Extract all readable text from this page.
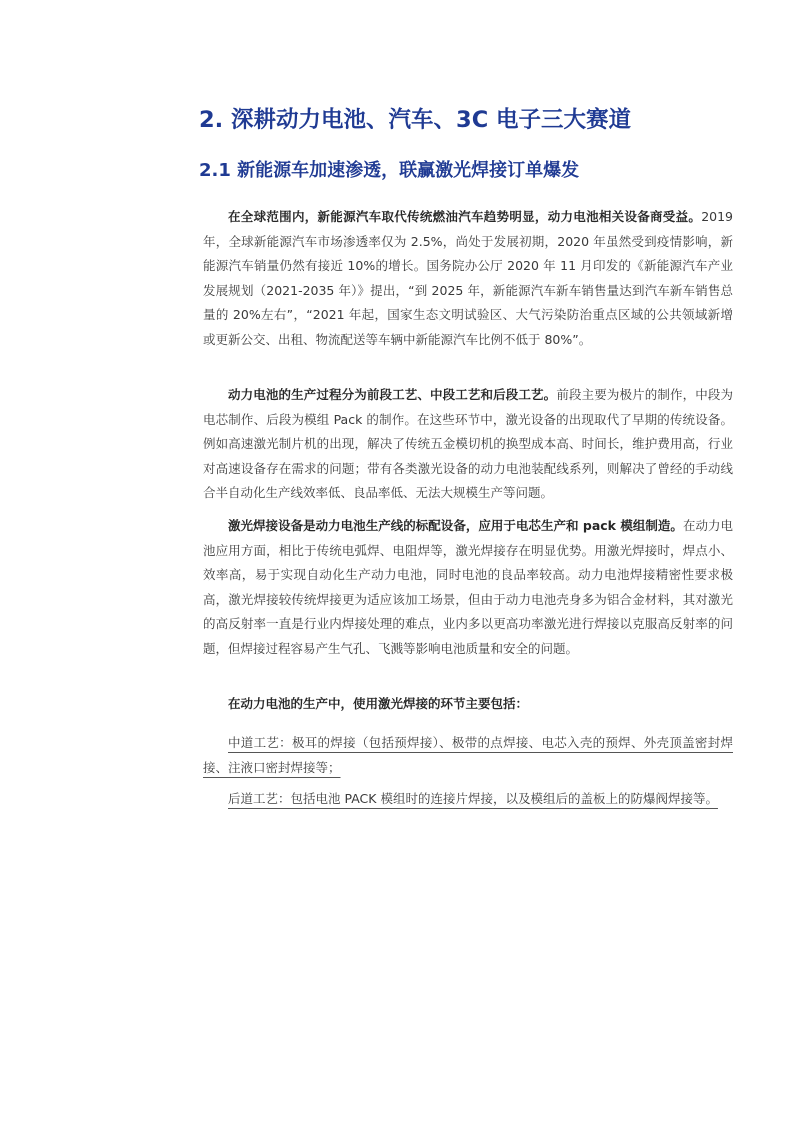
2. 深耕动力电池、汽车、3C 电子三大赛道
2.1 新能源车加速渗透，联赢激光焊接订单爆发

在全球范围内，新能源汽车取代传统燃油汽车趋势明显，动力电池相关设备商受益。2019 年，全球新能源汽车市场渗透率仅为 2.5%，尚处于发展初期，2020 年虽然受到疫情影响，新能源汽车销量仍然有接近 10%的增长。国务院办公厅 2020 年 11 月印发的《新能源汽车产业发展规划（2021-2035 年）》提出，“到 2025 年，新能源汽车新车销售量达到汽车新车销售总量的 20%左右”，“2021 年起，国家生态文明试验区、大气污染防治重点区域的公共领域新增或更新公交、出租、物流配送等车辆中新能源汽车比例不低于 80%”。

动力电池的生产过程分为前段工艺、中段工艺和后段工艺。前段主要为极片的制作，中段为电芯制作、后段为模组 Pack 的制作。在这些环节中，激光设备的出现取代了早期的传统设备。例如高速激光制片机的出现，解决了传统五金模切机的换型成本高、时间长，维护费用高，行业对高速设备存在需求的问题；带有各类激光设备的动力电池装配线系列，则解决了曾经的手动线合半自动化生产线效率低、良品率低、无法大规模生产等问题。

激光焊接设备是动力电池生产线的标配设备，应用于电芯生产和 pack 模组制造。在动力电池应用方面，相比于传统电弧焊、电阻焊等，激光焊接存在明显优势。用激光焊接时，焊点小、效率高，易于实现自动化生产动力电池，同时电池的良品率较高。动力电池焊接精密性要求极高，激光焊接较传统焊接更为适应该加工场景，但由于动力电池壳身多为铝合金材料，其对激光的高反射率一直是行业内焊接处理的难点，业内多以更高功率激光进行焊接以克服高反射率的问题，但焊接过程容易产生气孔、飞溅等影响电池质量和安全的问题。

在动力电池的生产中，使用激光焊接的环节主要包括：

中道工艺：极耳的焊接（包括预焊接）、极带的点焊接、电芯入壳的预焊、外壳顶盖密封焊接、注液口密封焊接等；

后道工艺：包括电池 PACK 模组时的连接片焊接，以及模组后的盖板上的防爆阀焊接等。
